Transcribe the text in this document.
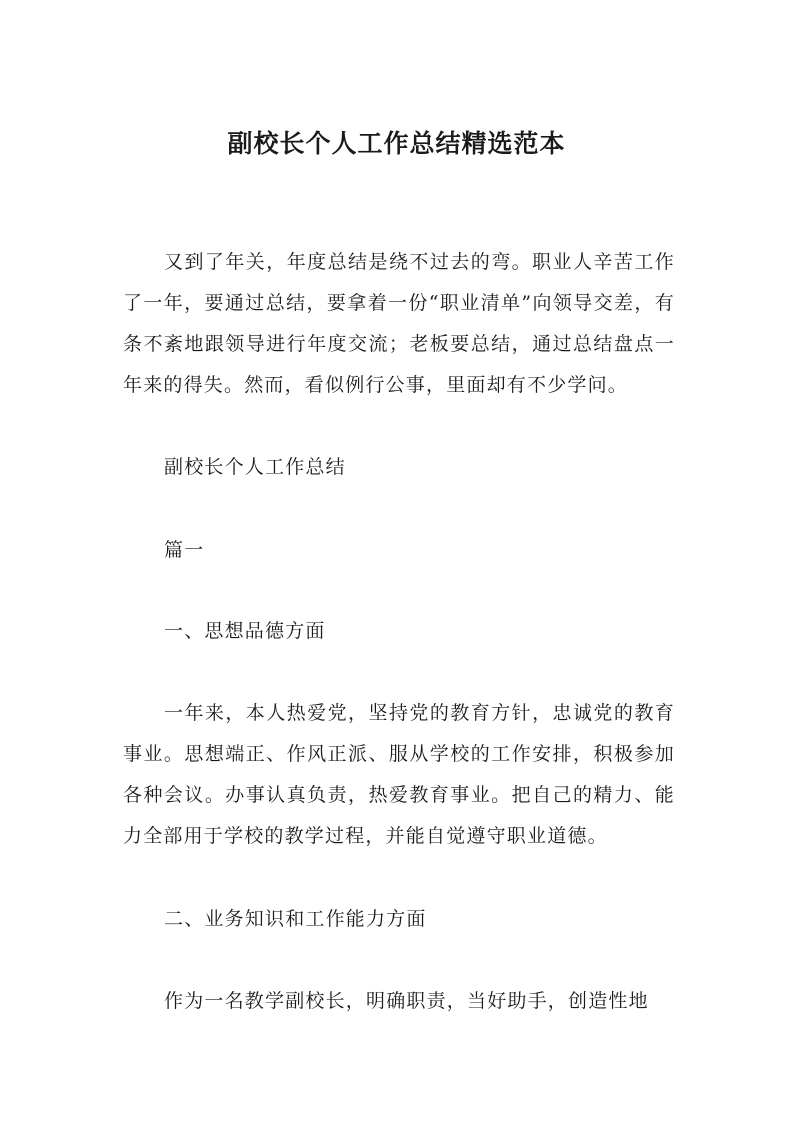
副校长个人工作总结精选范本

又到了年关，年度总结是绕不过去的弯。职业人辛苦工作了一年，要通过总结，要拿着一份“职业清单”向领导交差，有条不紊地跟领导进行年度交流；老板要总结，通过总结盘点一年来的得失。然而，看似例行公事，里面却有不少学问。

副校长个人工作总结

篇一

一、思想品德方面

一年来，本人热爱党，坚持党的教育方针，忠诚党的教育事业。思想端正、作风正派、服从学校的工作安排，积极参加各种会议。办事认真负责，热爱教育事业。把自己的精力、能力全部用于学校的教学过程，并能自觉遵守职业道德。

二、业务知识和工作能力方面

作为一名教学副校长，明确职责，当好助手，创造性地
